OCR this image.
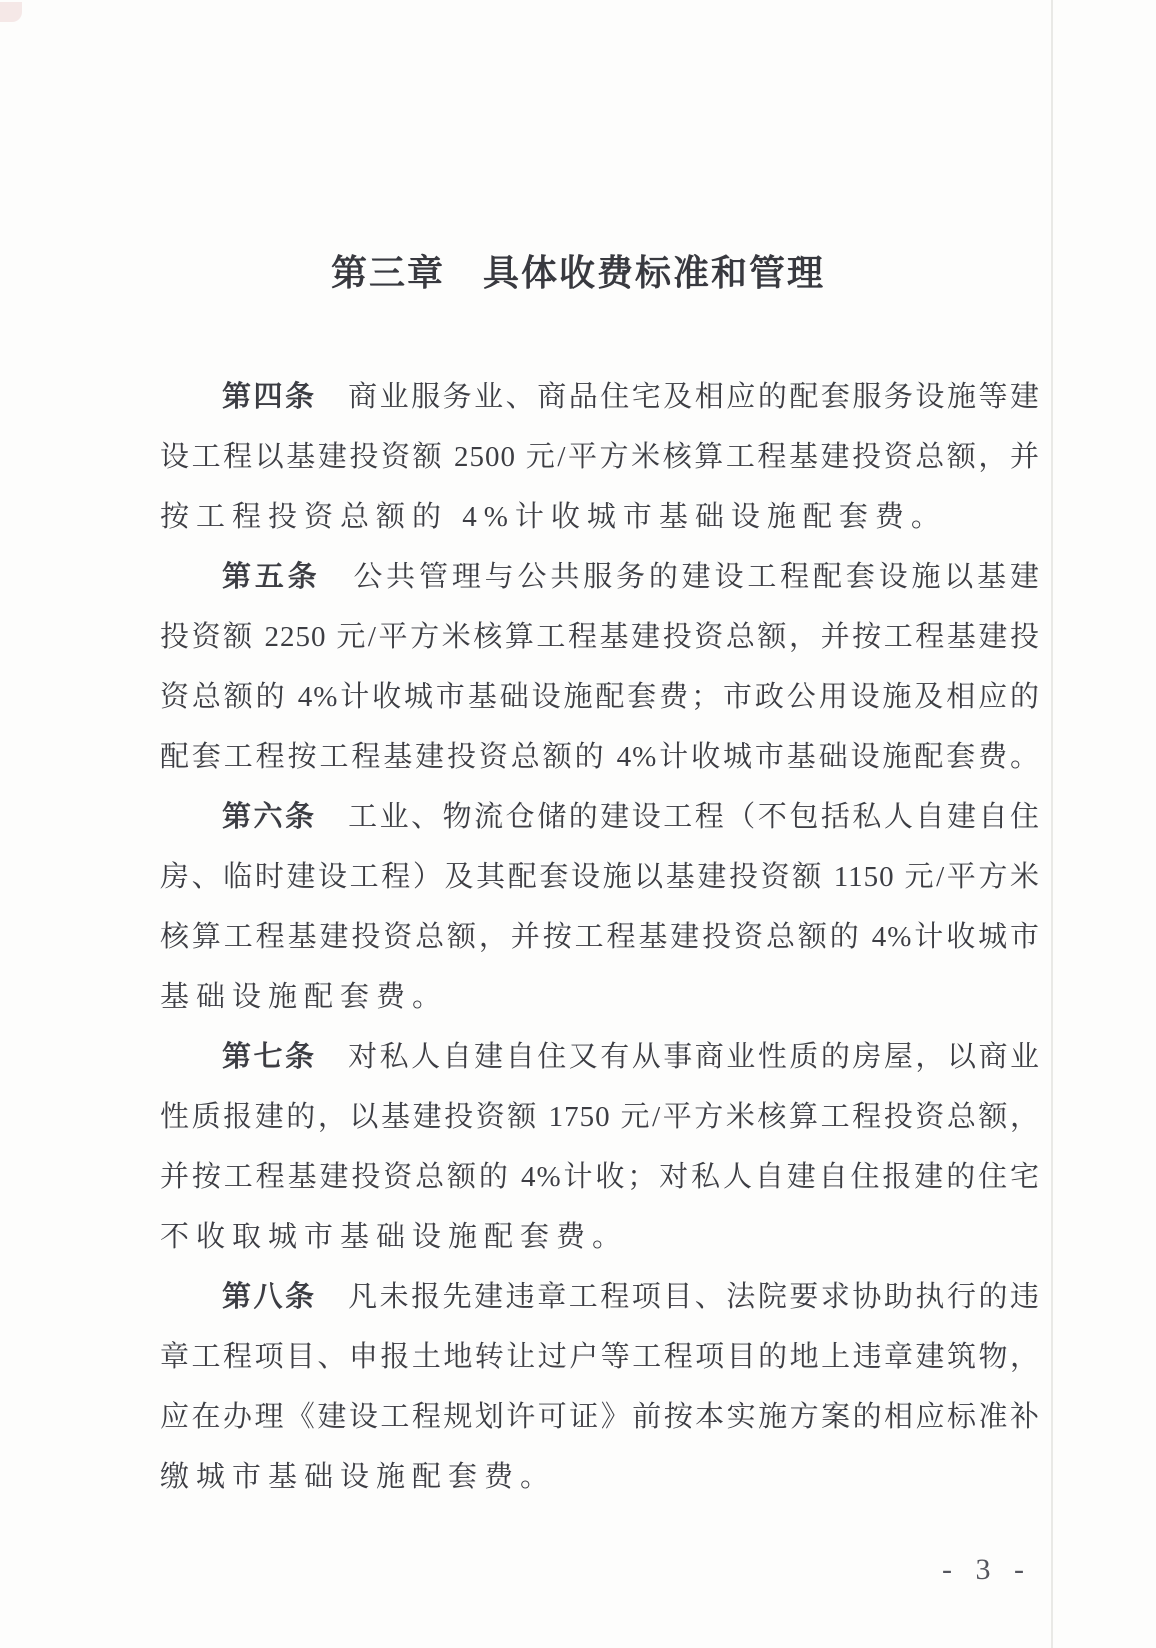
第三章　具体收费标准和管理
第四条　商业服务业、商品住宅及相应的配套服务设施等建
设工程以基建投资额 2500 元/平方米核算工程基建投资总额，并
按工程投资总额的 4%计收城市基础设施配套费。
第五条　公共管理与公共服务的建设工程配套设施以基建
投资额 2250 元/平方米核算工程基建投资总额，并按工程基建投
资总额的 4%计收城市基础设施配套费；市政公用设施及相应的
配套工程按工程基建投资总额的 4%计收城市基础设施配套费。
第六条　工业、物流仓储的建设工程（不包括私人自建自住
房、临时建设工程）及其配套设施以基建投资额 1150 元/平方米
核算工程基建投资总额，并按工程基建投资总额的 4%计收城市
基础设施配套费。
第七条　对私人自建自住又有从事商业性质的房屋，以商业
性质报建的，以基建投资额 1750 元/平方米核算工程投资总额，
并按工程基建投资总额的 4%计收；对私人自建自住报建的住宅
不收取城市基础设施配套费。
第八条　凡未报先建违章工程项目、法院要求协助执行的违
章工程项目、申报土地转让过户等工程项目的地上违章建筑物，
应在办理《建设工程规划许可证》前按本实施方案的相应标准补
缴城市基础设施配套费。
- 3 -
